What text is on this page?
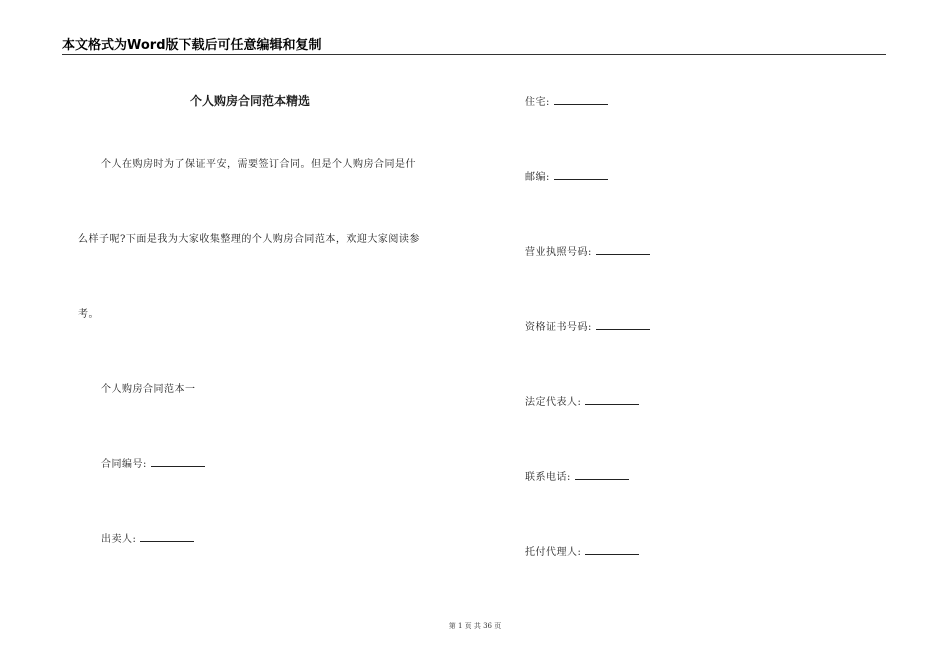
本文格式为Word版下载后可任意编辑和复制
个人购房合同范本精选
个人在购房时为了保证平安，需要签订合同。但是个人购房合同是什
么样子呢?下面是我为大家收集整理的个人购房合同范本，欢迎大家阅读参
考。
个人购房合同范本一
合同编号:
出卖人:
住宅:
邮编:
营业执照号码:
资格证书号码:
法定代表人:
联系电话:
托付代理人:
第 1 页 共 36 页
